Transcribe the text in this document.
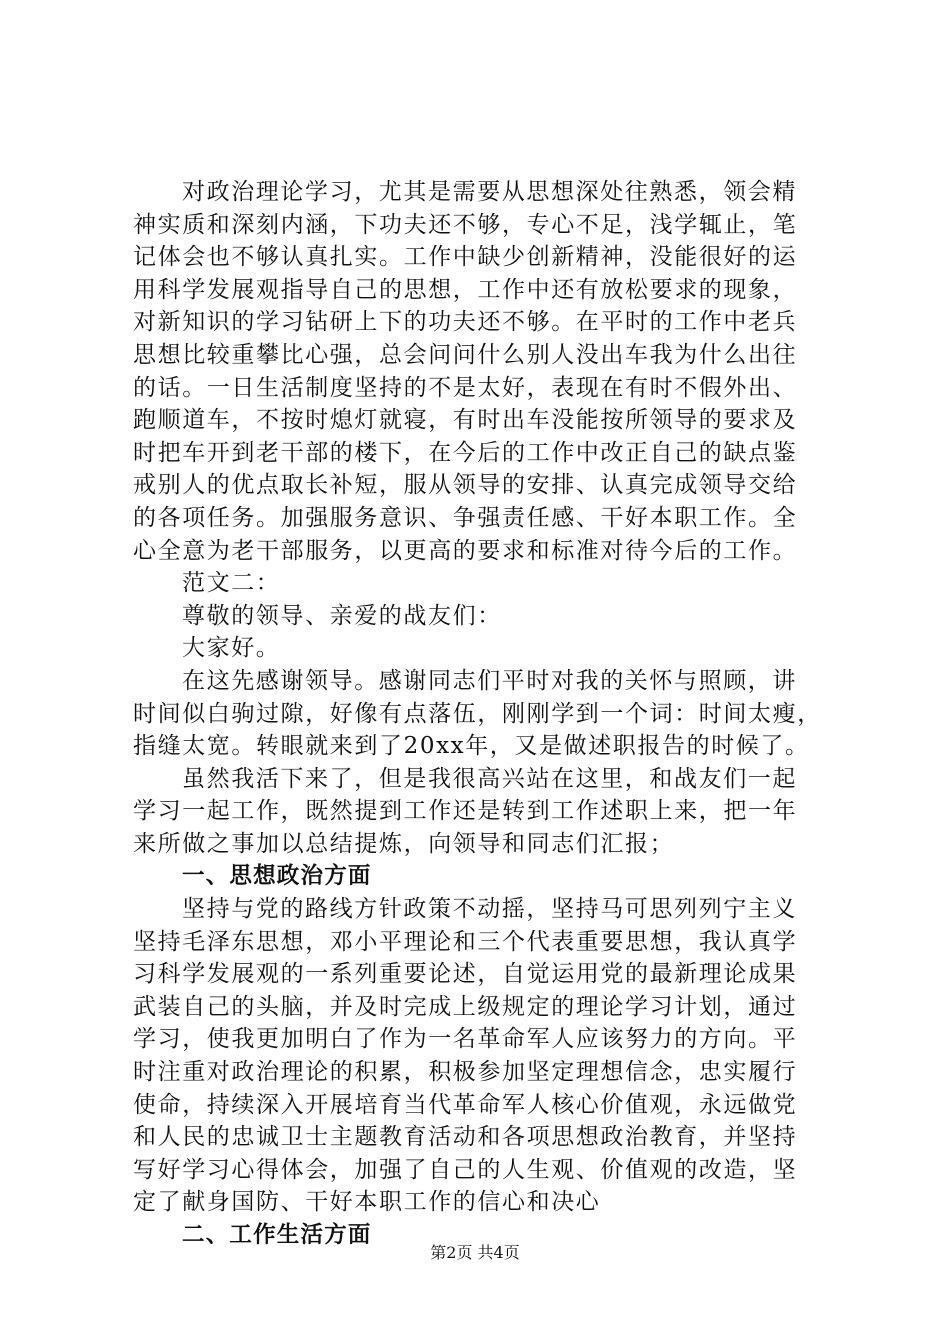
对政治理论学习，尤其是需要从思想深处往熟悉，领会精
神实质和深刻内涵，下功夫还不够，专心不足，浅学辄止，笔
记体会也不够认真扎实。工作中缺少创新精神，没能很好的运
用科学发展观指导自己的思想，工作中还有放松要求的现象，
对新知识的学习钻研上下的功夫还不够。在平时的工作中老兵
思想比较重攀比心强，总会问问什么别人没出车我为什么出往
的话。一日生活制度坚持的不是太好，表现在有时不假外出、
跑顺道车，不按时熄灯就寝，有时出车没能按所领导的要求及
时把车开到老干部的楼下，在今后的工作中改正自己的缺点鉴
戒别人的优点取长补短，服从领导的安排、认真完成领导交给
的各项任务。加强服务意识、争强责任感、干好本职工作。全
心全意为老干部服务，以更高的要求和标准对待今后的工作。
范文二：
尊敬的领导、亲爱的战友们：
大家好。
在这先感谢领导。感谢同志们平时对我的关怀与照顾，讲
时间似白驹过隙，好像有点落伍，刚刚学到一个词：时间太瘦，
指缝太宽。转眼就来到了20xx年，又是做述职报告的时候了。
虽然我活下来了，但是我很高兴站在这里，和战友们一起
学习一起工作，既然提到工作还是转到工作述职上来，把一年
来所做之事加以总结提炼，向领导和同志们汇报；
一、思想政治方面
坚持与党的路线方针政策不动摇，坚持马可思列列宁主义
坚持毛泽东思想，邓小平理论和三个代表重要思想，我认真学
习科学发展观的一系列重要论述，自觉运用党的最新理论成果
武装自己的头脑，并及时完成上级规定的理论学习计划，通过
学习，使我更加明白了作为一名革命军人应该努力的方向。平
时注重对政治理论的积累，积极参加坚定理想信念，忠实履行
使命，持续深入开展培育当代革命军人核心价值观，永远做党
和人民的忠诚卫士主题教育活动和各项思想政治教育，并坚持
写好学习心得体会，加强了自己的人生观、价值观的改造，坚
定了献身国防、干好本职工作的信心和决心
二、工作生活方面
第2页 共4页
